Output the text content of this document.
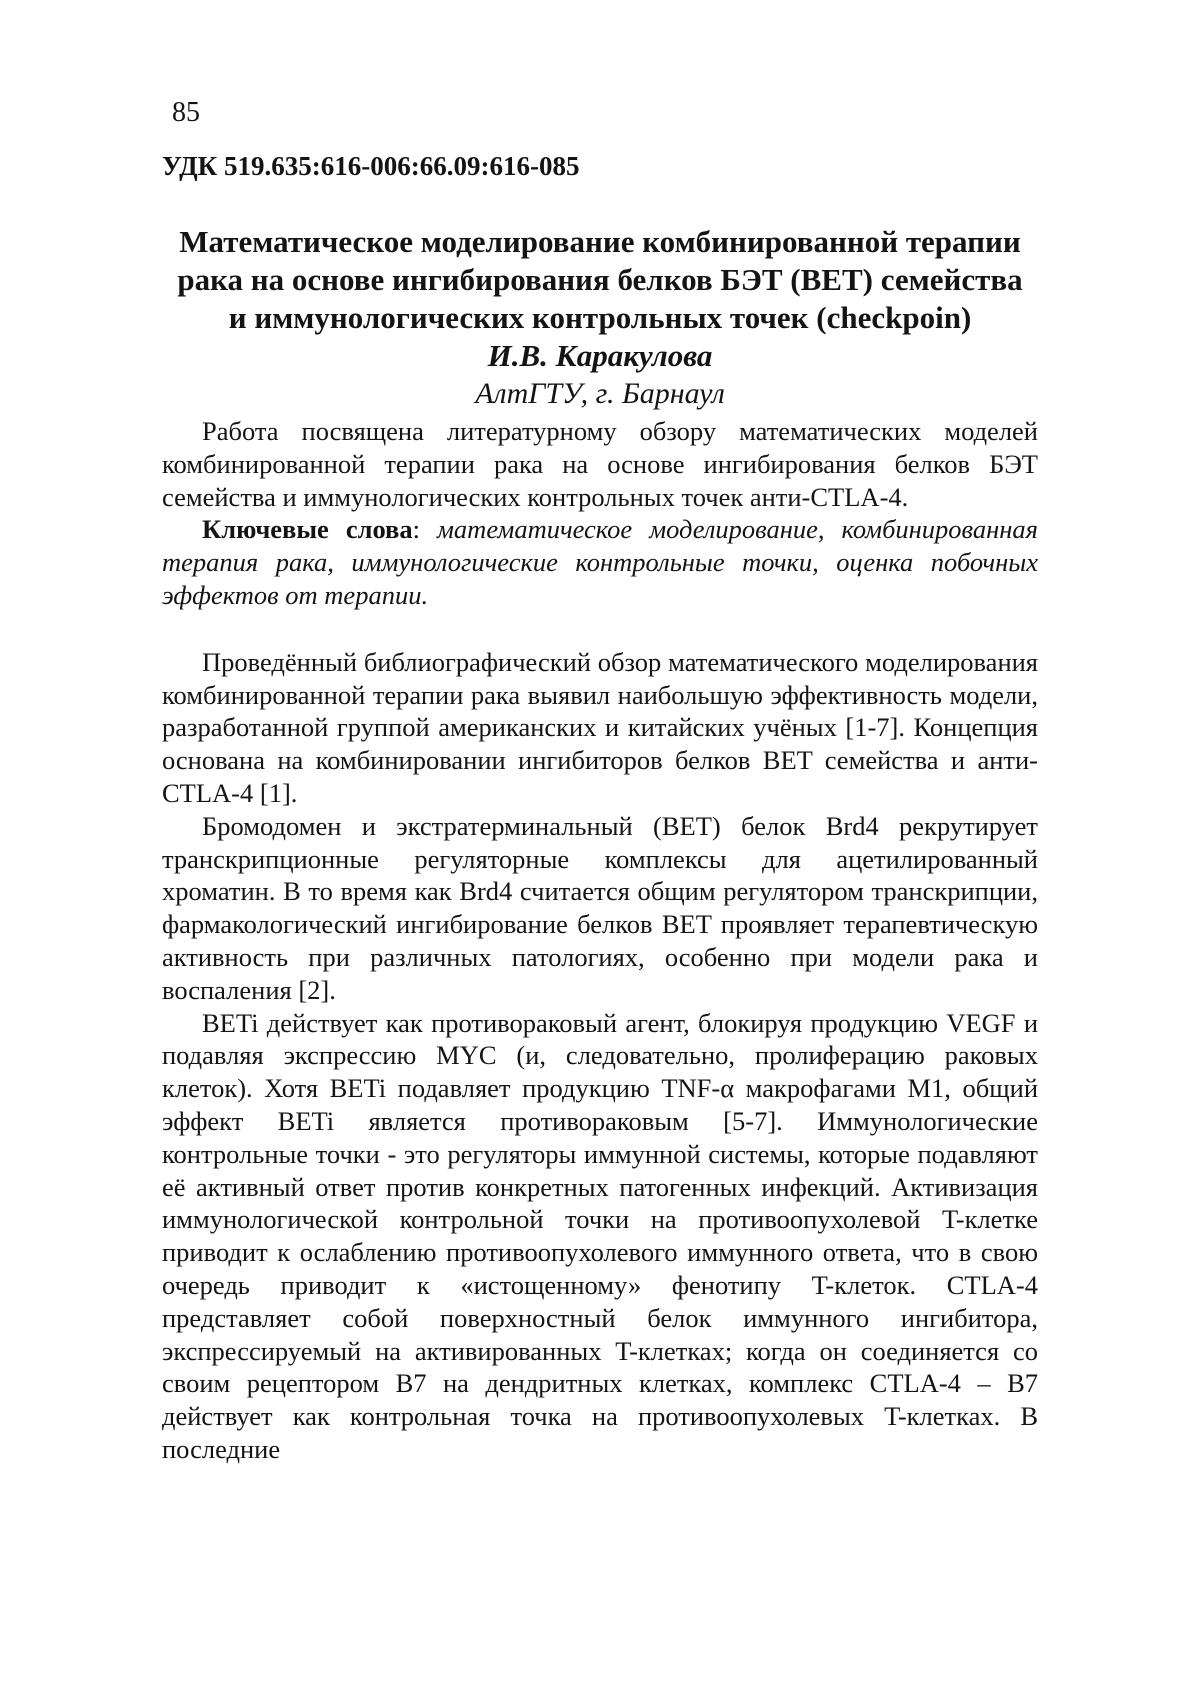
85
УДК 519.635:616-006:66.09:616-085
Математическое моделирование комбинированной терапии рака на основе ингибирования белков БЭТ (BET) семейства и иммунологических контрольных точек (checkpoin)
И.В. Каракулова
АлтГТУ, г. Барнаул

Работа посвящена литературному обзору математических моделей комбинированной терапии рака на основе ингибирования белков БЭТ семейства и иммунологических контрольных точек анти-CTLA-4.

Ключевые слова: математическое моделирование, комбинированная терапия рака, иммунологические контрольные точки, оценка побочных эффектов от терапии.

Проведённый библиографический обзор математического моделирования комбинированной терапии рака выявил наибольшую эффективность модели, разработанной группой американских и китайских учёных [1-7]. Концепция основана на комбинировании ингибиторов белков BET семейства и анти-CTLA-4 [1].

Бромодомен и экстратерминальный (BET) белок Brd4 рекрутирует транскрипционные регуляторные комплексы для ацетилированный хроматин. В то время как Brd4 считается общим регулятором транскрипции, фармакологический ингибирование белков BET проявляет терапевтическую активность при различных патологиях, особенно при модели рака и воспаления [2].

BETi действует как противораковый агент, блокируя продукцию VEGF и подавляя экспрессию MYC (и, следовательно, пролиферацию раковых клеток). Хотя BETi подавляет продукцию TNF-α макрофагами M1, общий эффект BETi является противораковым [5-7]. Иммунологические контрольные точки - это регуляторы иммунной системы, которые подавляют её активный ответ против конкретных патогенных инфекций. Активизация иммунологической контрольной точки на противоопухолевой T-клетке приводит к ослаблению противоопухолевого иммунного ответа, что в свою очередь приводит к «истощенному» фенотипу T-клеток. CTLA-4 представляет собой поверхностный белок иммунного ингибитора, экспрессируемый на активированных T-клетках; когда он соединяется со своим рецептором B7 на дендритных клетках, комплекс CTLA-4 – B7 действует как контрольная точка на противоопухолевых T-клетках. В последние
